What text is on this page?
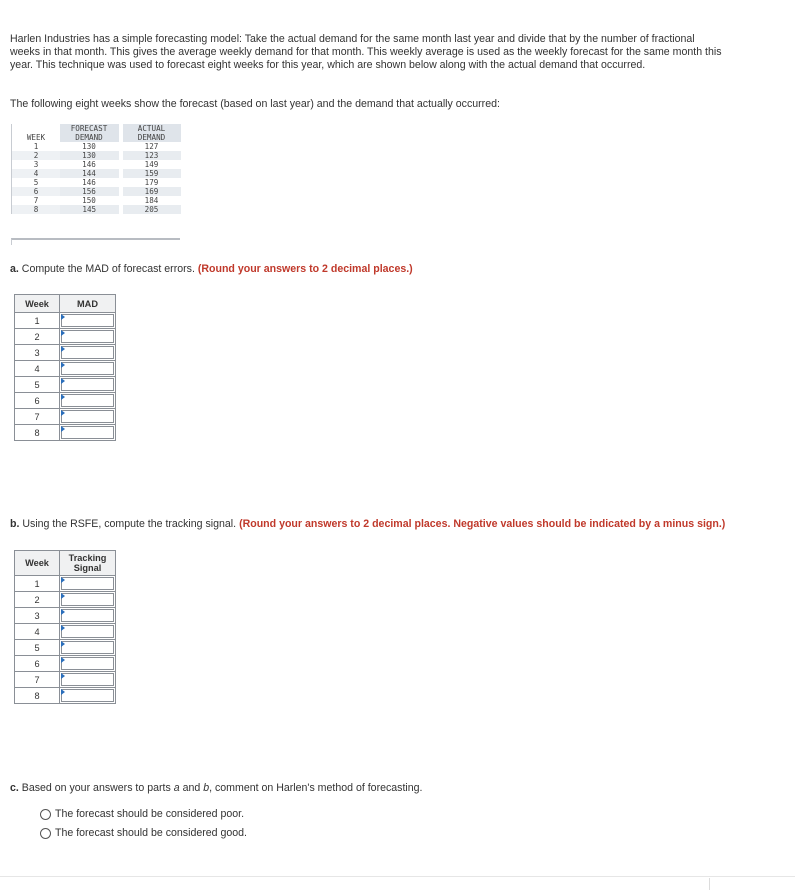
Harlen Industries has a simple forecasting model: Take the actual demand for the same month last year and divide that by the number of fractional weeks in that month. This gives the average weekly demand for that month. This weekly average is used as the weekly forecast for the same month this year. This technique was used to forecast eight weeks for this year, which are shown below along with the actual demand that occurred.
The following eight weeks show the forecast (based on last year) and the demand that actually occurred:
	FORECAST		ACTUAL
WEEK	DEMAND		DEMAND
1	130		127
2	130		123
3	146		149
4	144		159
5	146		179
6	156		169
7	150		184
8	145		205
a. Compute the MAD of forecast errors. (Round your answers to 2 decimal places.)
Week	MAD
1	

2	

3	

4	

5	

6	

7	

8	
b. Using the RSFE, compute the tracking signal. (Round your answers to 2 decimal places. Negative values should be indicated by a minus sign.)
Week	Tracking
Signal

1	

2	

3	

4	

5	

6	

7	

8	
c. Based on your answers to parts a and b, comment on Harlen's method of forecasting.
The forecast should be considered poor.
The forecast should be considered good.
